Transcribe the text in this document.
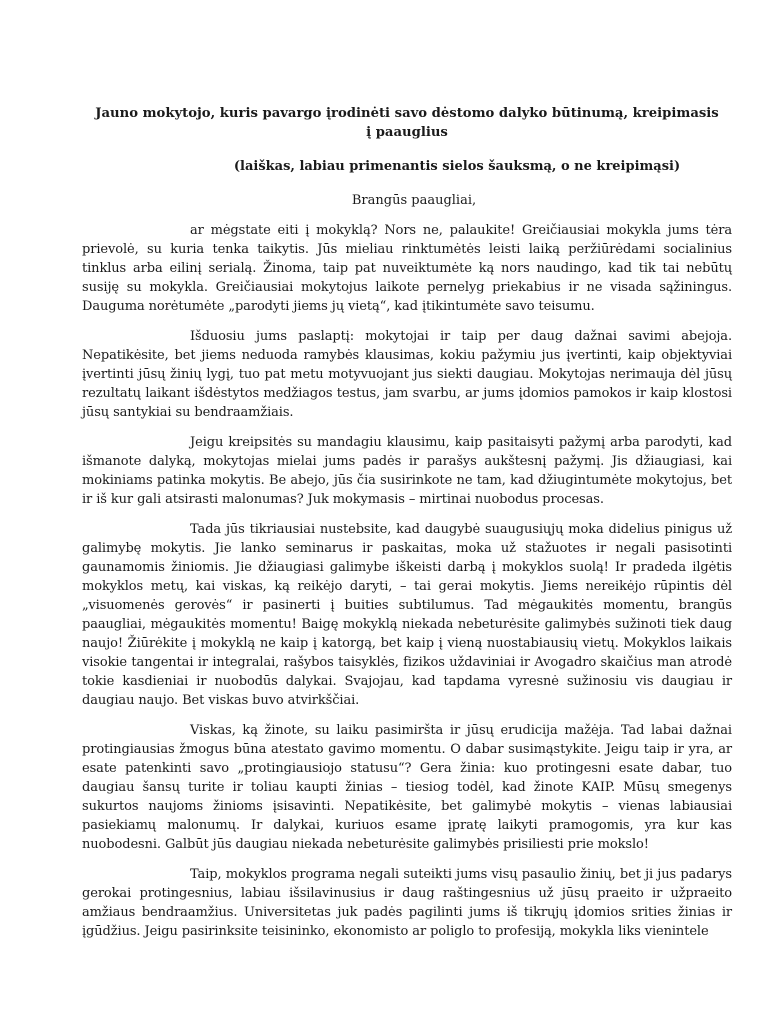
Jauno mokytojo, kuris pavargo įrodinėti savo dėstomo dalyko būtinumą, kreipimasis į paauglius

(laiškas, labiau primenantis sielos šauksmą, o ne kreipimąsi)

Brangūs paaugliai,

ar mėgstate eiti į mokyklą? Nors ne, palaukite! Greičiausiai mokykla jums tėra prievolė, su kuria tenka taikytis. Jūs mieliau rinktumėtės leisti laiką peržiūrėdami socialinius tinklus arba eilinį serialą. Žinoma, taip pat nuveiktumėte ką nors naudingo, kad tik tai nebūtų susiję su mokykla. Greičiausiai mokytojus laikote pernelyg priekabius ir ne visada sąžiningus. Dauguma norėtumėte „parodyti jiems jų vietą“, kad įtikintumėte savo teisumu.

Išduosiu jums paslaptį: mokytojai ir taip per daug dažnai savimi abejoja. Nepatikėsite, bet jiems neduoda ramybės klausimas, kokiu pažymiu jus įvertinti, kaip objektyviai įvertinti jūsų žinių lygį, tuo pat metu motyvuojant jus siekti daugiau. Mokytojas nerimauja dėl jūsų rezultatų laikant išdėstytos medžiagos testus, jam svarbu, ar jums įdomios pamokos ir kaip klostosi jūsų santykiai su bendraamžiais.

Jeigu kreipsitės su mandagiu klausimu, kaip pasitaisyti pažymį arba parodyti, kad išmanote dalyką, mokytojas mielai jums padės ir parašys aukštesnį pažymį. Jis džiaugiasi, kai mokiniams patinka mokytis. Be abejo, jūs čia susirinkote ne tam, kad džiugintumėte mokytojus, bet ir iš kur gali atsirasti malonumas? Juk mokymasis – mirtinai nuobodus procesas.

Tada jūs tikriausiai nustebsite, kad daugybė suaugusiųjų moka didelius pinigus už galimybę mokytis. Jie lanko seminarus ir paskaitas, moka už stažuotes ir negali pasisotinti gaunamomis žiniomis. Jie džiaugiasi galimybe iškeisti darbą į mokyklos suolą! Ir pradeda ilgėtis mokyklos metų, kai viskas, ką reikėjo daryti, – tai gerai mokytis. Jiems nereikėjo rūpintis dėl „visuomenės gerovės“ ir pasinerti į buities subtilumus. Tad mėgaukitės momentu, brangūs paaugliai, mėgaukitės momentu! Baigę mokyklą niekada nebeturėsite galimybės sužinoti tiek daug naujo! Žiūrėkite į mokyklą ne kaip į katorgą, bet kaip į vieną nuostabiausių vietų. Mokyklos laikais visokie tangentai ir integralai, rašybos taisyklės, fizikos uždaviniai ir Avogadro skaičius man atrodė tokie kasdieniai ir nuobodūs dalykai. Svajojau, kad tapdama vyresnė sužinosiu vis daugiau ir daugiau naujo. Bet viskas buvo atvirkščiai.

Viskas, ką žinote, su laiku pasimiršta ir jūsų erudicija mažėja. Tad labai dažnai protingiausias žmogus būna atestato gavimo momentu. O dabar susimąstykite. Jeigu taip ir yra, ar esate patenkinti savo „protingiausiojo statusu“? Gera žinia: kuo protingesni esate dabar, tuo daugiau šansų turite ir toliau kaupti žinias – tiesiog todėl, kad žinote KAIP. Mūsų smegenys sukurtos naujoms žinioms įsisavinti. Nepatikėsite, bet galimybė mokytis – vienas labiausiai pasiekiamų malonumų. Ir dalykai, kuriuos esame įpratę laikyti pramogomis, yra kur kas nuobodesni. Galbūt jūs daugiau niekada nebeturėsite galimybės prisiliesti prie mokslo!

Taip, mokyklos programa negali suteikti jums visų pasaulio žinių, bet ji jus padarys gerokai protingesnius, labiau išsilavinusius ir daug raštingesnius už jūsų praeito ir užpraeito amžiaus bendraamžius. Universitetas juk padės pagilinti jums iš tikrųjų įdomios srities žinias ir įgūdžius. Jeigu pasirinksite teisininko, ekonomisto ar poliglo to profesiją, mokykla liks vienintele
